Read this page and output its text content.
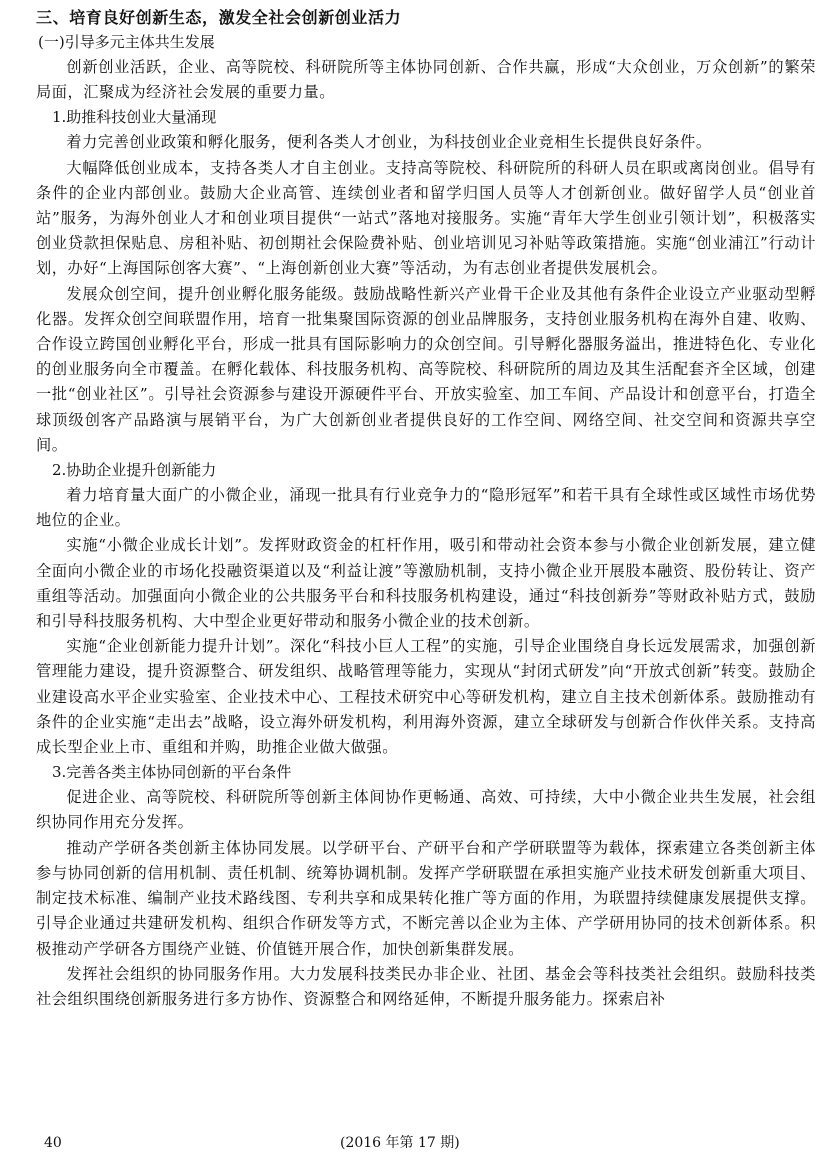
三、培育良好创新生态，激发全社会创新创业活力
(一)引导多元主体共生发展

创新创业活跃，企业、高等院校、科研院所等主体协同创新、合作共赢，形成“大众创业，万众创新”的繁荣局面，汇聚成为经济社会发展的重要力量。

1.助推科技创业大量涌现

着力完善创业政策和孵化服务，便利各类人才创业，为科技创业企业竞相生长提供良好条件。

大幅降低创业成本，支持各类人才自主创业。支持高等院校、科研院所的科研人员在职或离岗创业。倡导有条件的企业内部创业。鼓励大企业高管、连续创业者和留学归国人员等人才创新创业。做好留学人员“创业首站”服务，为海外创业人才和创业项目提供“一站式”落地对接服务。实施“青年大学生创业引领计划”，积极落实创业贷款担保贴息、房租补贴、初创期社会保险费补贴、创业培训见习补贴等政策措施。实施“创业浦江”行动计划，办好“上海国际创客大赛”、“上海创新创业大赛”等活动，为有志创业者提供发展机会。

发展众创空间，提升创业孵化服务能级。鼓励战略性新兴产业骨干企业及其他有条件企业设立产业驱动型孵化器。发挥众创空间联盟作用，培育一批集聚国际资源的创业品牌服务，支持创业服务机构在海外自建、收购、合作设立跨国创业孵化平台，形成一批具有国际影响力的众创空间。引导孵化器服务溢出，推进特色化、专业化的创业服务向全市覆盖。在孵化载体、科技服务机构、高等院校、科研院所的周边及其生活配套齐全区域，创建一批“创业社区”。引导社会资源参与建设开源硬件平台、开放实验室、加工车间、产品设计和创意平台，打造全球顶级创客产品路演与展销平台，为广大创新创业者提供良好的工作空间、网络空间、社交空间和资源共享空间。

2.协助企业提升创新能力

着力培育量大面广的小微企业，涌现一批具有行业竞争力的“隐形冠军”和若干具有全球性或区域性市场优势地位的企业。

实施“小微企业成长计划”。发挥财政资金的杠杆作用，吸引和带动社会资本参与小微企业创新发展，建立健全面向小微企业的市场化投融资渠道以及“利益让渡”等激励机制，支持小微企业开展股本融资、股份转让、资产重组等活动。加强面向小微企业的公共服务平台和科技服务机构建设，通过“科技创新券”等财政补贴方式，鼓励和引导科技服务机构、大中型企业更好带动和服务小微企业的技术创新。

实施“企业创新能力提升计划”。深化“科技小巨人工程”的实施，引导企业围绕自身长远发展需求，加强创新管理能力建设，提升资源整合、研发组织、战略管理等能力，实现从“封闭式研发”向“开放式创新”转变。鼓励企业建设高水平企业实验室、企业技术中心、工程技术研究中心等研发机构，建立自主技术创新体系。鼓励推动有条件的企业实施“走出去”战略，设立海外研发机构，利用海外资源，建立全球研发与创新合作伙伴关系。支持高成长型企业上市、重组和并购，助推企业做大做强。

3.完善各类主体协同创新的平台条件

促进企业、高等院校、科研院所等创新主体间协作更畅通、高效、可持续，大中小微企业共生发展，社会组织协同作用充分发挥。

推动产学研各类创新主体协同发展。以学研平台、产研平台和产学研联盟等为载体，探索建立各类创新主体参与协同创新的信用机制、责任机制、统筹协调机制。发挥产学研联盟在承担实施产业技术研发创新重大项目、制定技术标准、编制产业技术路线图、专利共享和成果转化推广等方面的作用，为联盟持续健康发展提供支撑。引导企业通过共建研发机构、组织合作研发等方式，不断完善以企业为主体、产学研用协同的技术创新体系。积极推动产学研各方围绕产业链、价值链开展合作，加快创新集群发展。

发挥社会组织的协同服务作用。大力发展科技类民办非企业、社团、基金会等科技类社会组织。鼓励科技类社会组织围绕创新服务进行多方协作、资源整合和网络延伸，不断提升服务能力。探索启补

40	(2016 年第 17 期)
